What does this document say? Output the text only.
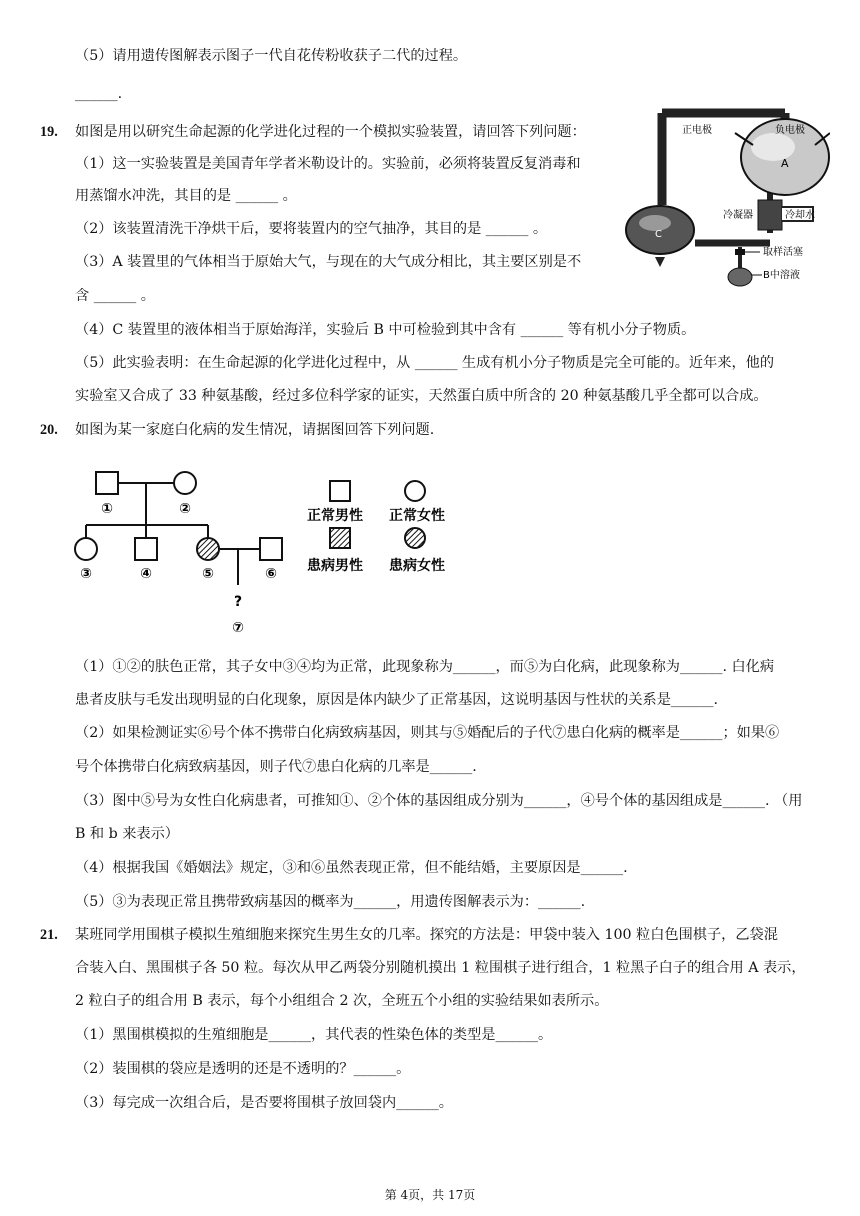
（5）请用遗传图解表示图子一代自花传粉收获子二代的过程。
______.
19. 如图是用以研究生命起源的化学进化过程的一个模拟实验装置，请回答下列问题：
（1）这一实验装置是美国青年学者米勒设计的。实验前，必须将装置反复消毒和
用蒸馏水冲洗，其目的是 ______ 。
（2）该装置清洗干净烘干后，要将装置内的空气抽净，其目的是 ______ 。
（3）A 装置里的气体相当于原始大气，与现在的大气成分相比，其主要区别是不
含 ______ 。
（4）C 装置里的液体相当于原始海洋，实验后 B 中可检验到其中含有 ______ 等有机小分子物质。
（5）此实验表明：在生命起源的化学进化过程中，从 ______ 生成有机小分子物质是完全可能的。近年来，他的
实验室又合成了 33 种氨基酸，经过多位科学家的证实，天然蛋白质中所含的 20 种氨基酸几乎全都可以合成。
正电极	负电极
A
C
冷凝器	冷却水
取样活塞
B中溶液
20. 如图为某一家庭白化病的发生情况，请据图回答下列问题.
①	②
③	④	⑤	⑥
?
⑦
正常男性 正常女性
患病男性 患病女性
（1）①②的肤色正常，其子女中③④均为正常，此现象称为______，而⑤为白化病，此现象称为______. 白化病
患者皮肤与毛发出现明显的白化现象，原因是体内缺少了正常基因，这说明基因与性状的关系是______.
（2）如果检测证实⑥号个体不携带白化病致病基因，则其与⑤婚配后的子代⑦患白化病的概率是______；如果⑥
号个体携带白化病致病基因，则子代⑦患白化病的几率是______.
（3）图中⑤号为女性白化病患者，可推知①、②个体的基因组成分别为______，④号个体的基因组成是______. （用
B 和 b 来表示）
（4）根据我国《婚姻法》规定，③和⑥虽然表现正常，但不能结婚，主要原因是______.
（5）③为表现正常且携带致病基因的概率为______，用遗传图解表示为：______.
21. 某班同学用围棋子模拟生殖细胞来探究生男生女的几率。探究的方法是：甲袋中装入 100 粒白色围棋子，乙袋混
合装入白、黑围棋子各 50 粒。每次从甲乙两袋分别随机摸出 1 粒围棋子进行组合，1 粒黑子白子的组合用 A 表示，
2 粒白子的组合用 B 表示，每个小组组合 2 次，全班五个小组的实验结果如表所示。
（1）黑围棋模拟的生殖细胞是______，其代表的性染色体的类型是______。
（2）装围棋的袋应是透明的还是不透明的？______。
（3）每完成一次组合后，是否要将围棋子放回袋内______。
第 4页，共 17页
